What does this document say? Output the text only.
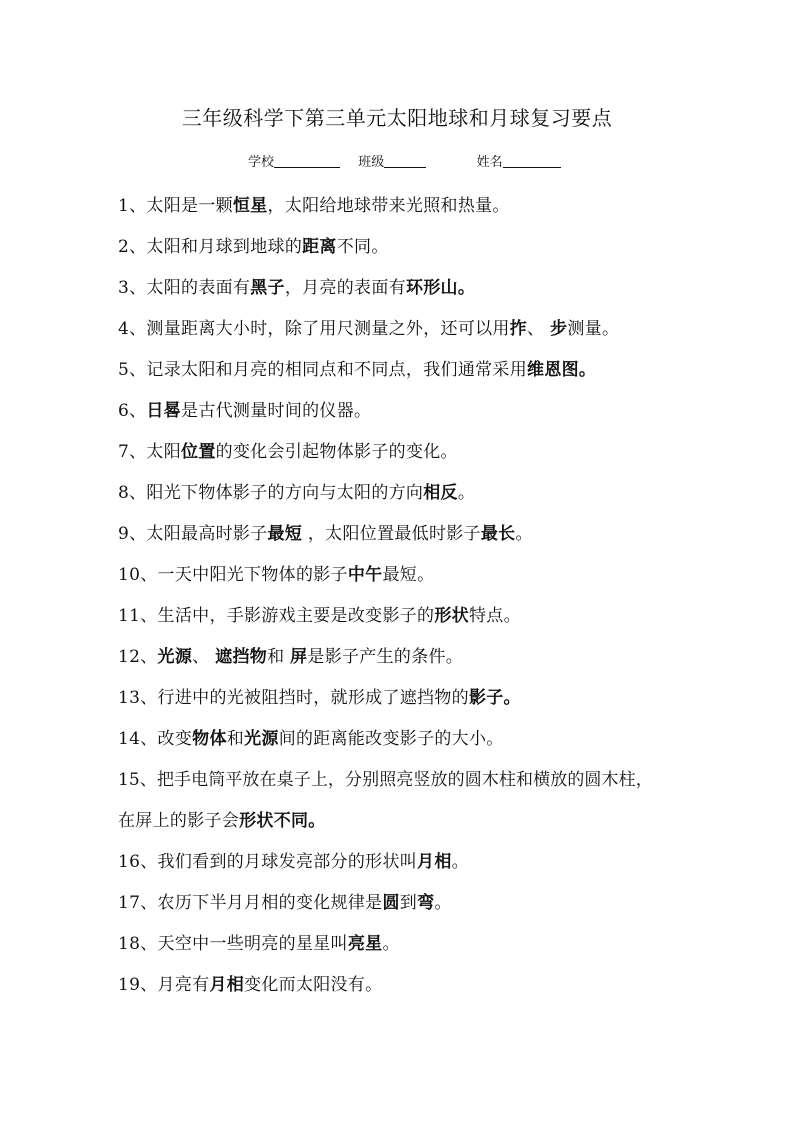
三年级科学下第三单元太阳地球和月球复习要点
学校	班级	姓名
1、太阳是一颗恒星，太阳给地球带来光照和热量。
2、太阳和月球到地球的距离不同。
3、太阳的表面有黑子，月亮的表面有环形山。
4、测量距离大小时，除了用尺测量之外，还可以用拃、 步测量。
5、记录太阳和月亮的相同点和不同点，我们通常采用维恩图。
6、日晷是古代测量时间的仪器。
7、太阳位置的变化会引起物体影子的变化。
8、阳光下物体影子的方向与太阳的方向相反。
9、太阳最高时影子最短 ，太阳位置最低时影子最长。
10、一天中阳光下物体的影子中午最短。
11、生活中，手影游戏主要是改变影子的形状特点。
12、光源、 遮挡物和 屏是影子产生的条件。
13、行进中的光被阻挡时，就形成了遮挡物的影子。
14、改变物体和光源间的距离能改变影子的大小。
15、把手电筒平放在桌子上，分别照亮竖放的圆木柱和横放的圆木柱，
在屏上的影子会形状不同。
16、我们看到的月球发亮部分的形状叫月相。
17、农历下半月月相的变化规律是圆到弯。
18、天空中一些明亮的星星叫亮星。
19、月亮有月相变化而太阳没有。
